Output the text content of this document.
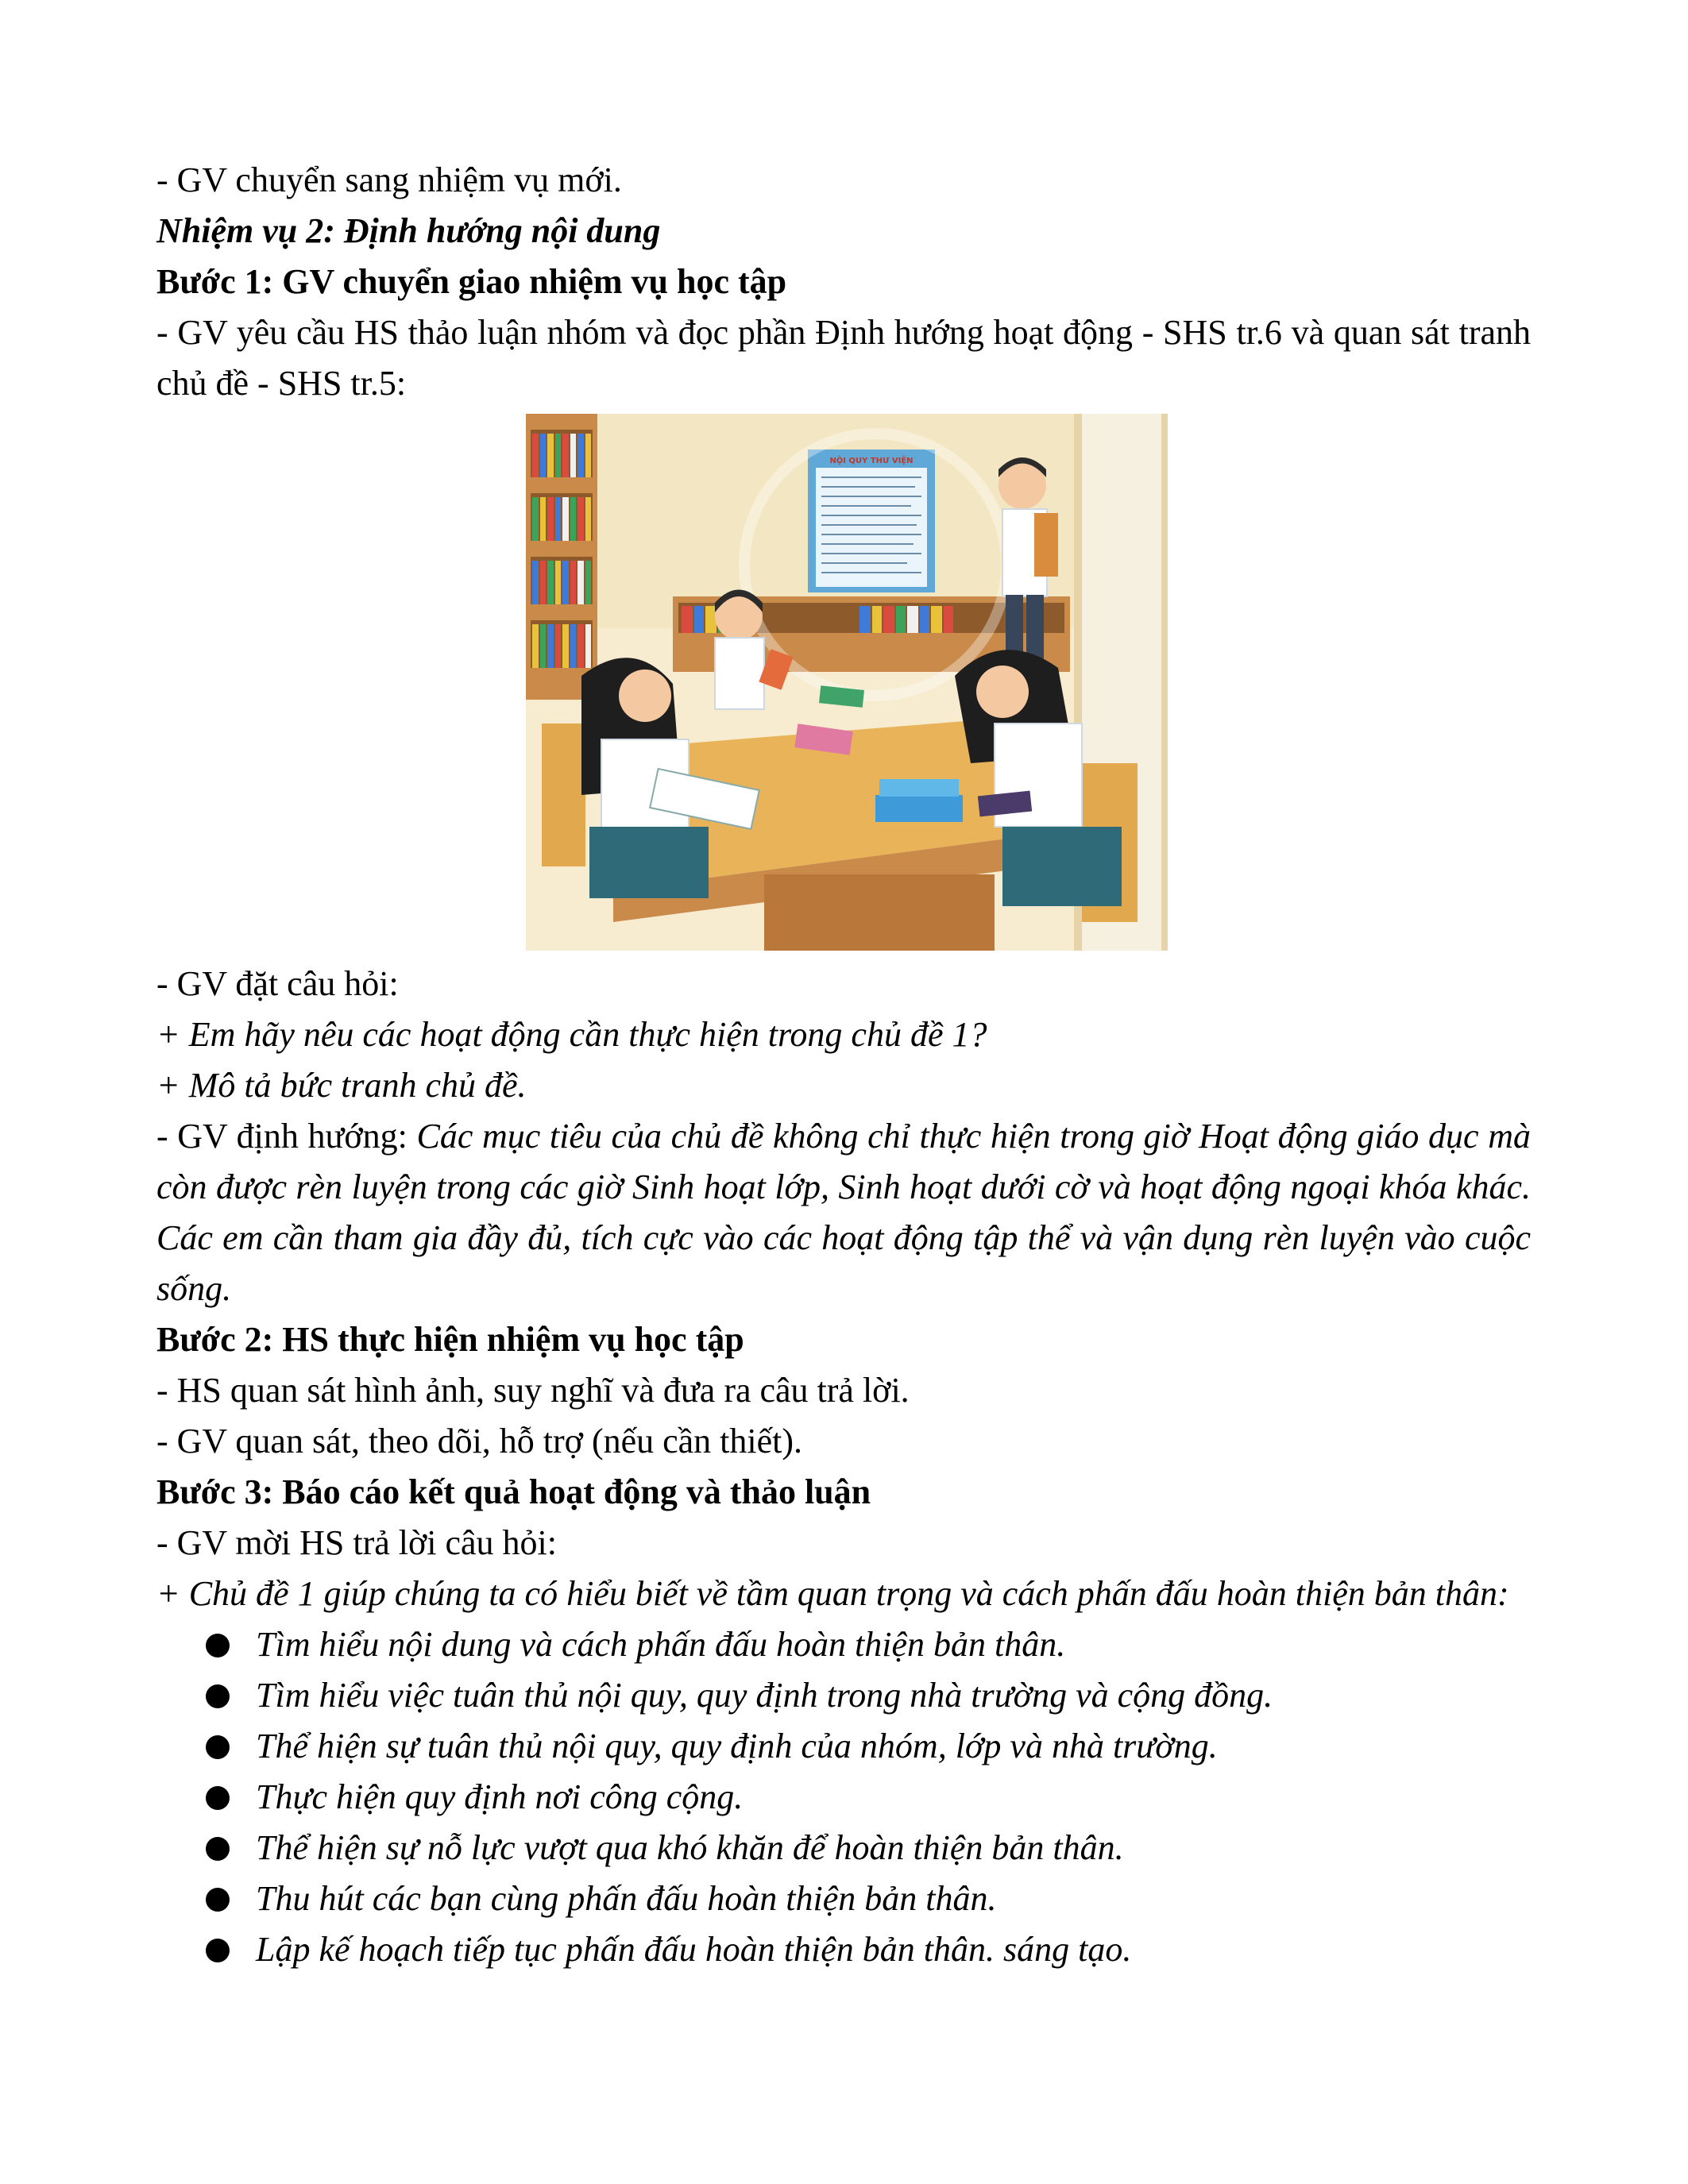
- GV chuyển sang nhiệm vụ mới.

Nhiệm vụ 2: Định hướng nội dung

Bước 1: GV chuyển giao nhiệm vụ học tập

- GV yêu cầu HS thảo luận nhóm và đọc phần Định hướng hoạt động - SHS tr.6 và quan sát tranh chủ đề - SHS tr.5:

NỘI QUY THƯ VIỆN

- GV đặt câu hỏi:

+ Em hãy nêu các hoạt động cần thực hiện trong chủ đề 1?

+ Mô tả bức tranh chủ đề.

- GV định hướng: Các mục tiêu của chủ đề không chỉ thực hiện trong giờ Hoạt động giáo dục mà còn được rèn luyện trong các giờ Sinh hoạt lớp, Sinh hoạt dưới cờ và hoạt động ngoại khóa khác. Các em cần tham gia đầy đủ, tích cực vào các hoạt động tập thể và vận dụng rèn luyện vào cuộc sống.

Bước 2: HS thực hiện nhiệm vụ học tập

- HS quan sát hình ảnh, suy nghĩ và đưa ra câu trả lời.

- GV quan sát, theo dõi, hỗ trợ (nếu cần thiết).

Bước 3: Báo cáo kết quả hoạt động và thảo luận

- GV mời HS trả lời câu hỏi:

+ Chủ đề 1 giúp chúng ta có hiểu biết về tầm quan trọng và cách phấn đấu hoàn thiện bản thân:

Tìm hiểu nội dung và cách phấn đấu hoàn thiện bản thân.
Tìm hiểu việc tuân thủ nội quy, quy định trong nhà trường và cộng đồng.
Thể hiện sự tuân thủ nội quy, quy định của nhóm, lớp và nhà trường.
Thực hiện quy định nơi công cộng.
Thể hiện sự nỗ lực vượt qua khó khăn để hoàn thiện bản thân.
Thu hút các bạn cùng phấn đấu hoàn thiện bản thân.
Lập kế hoạch tiếp tục phấn đấu hoàn thiện bản thân. sáng tạo.
